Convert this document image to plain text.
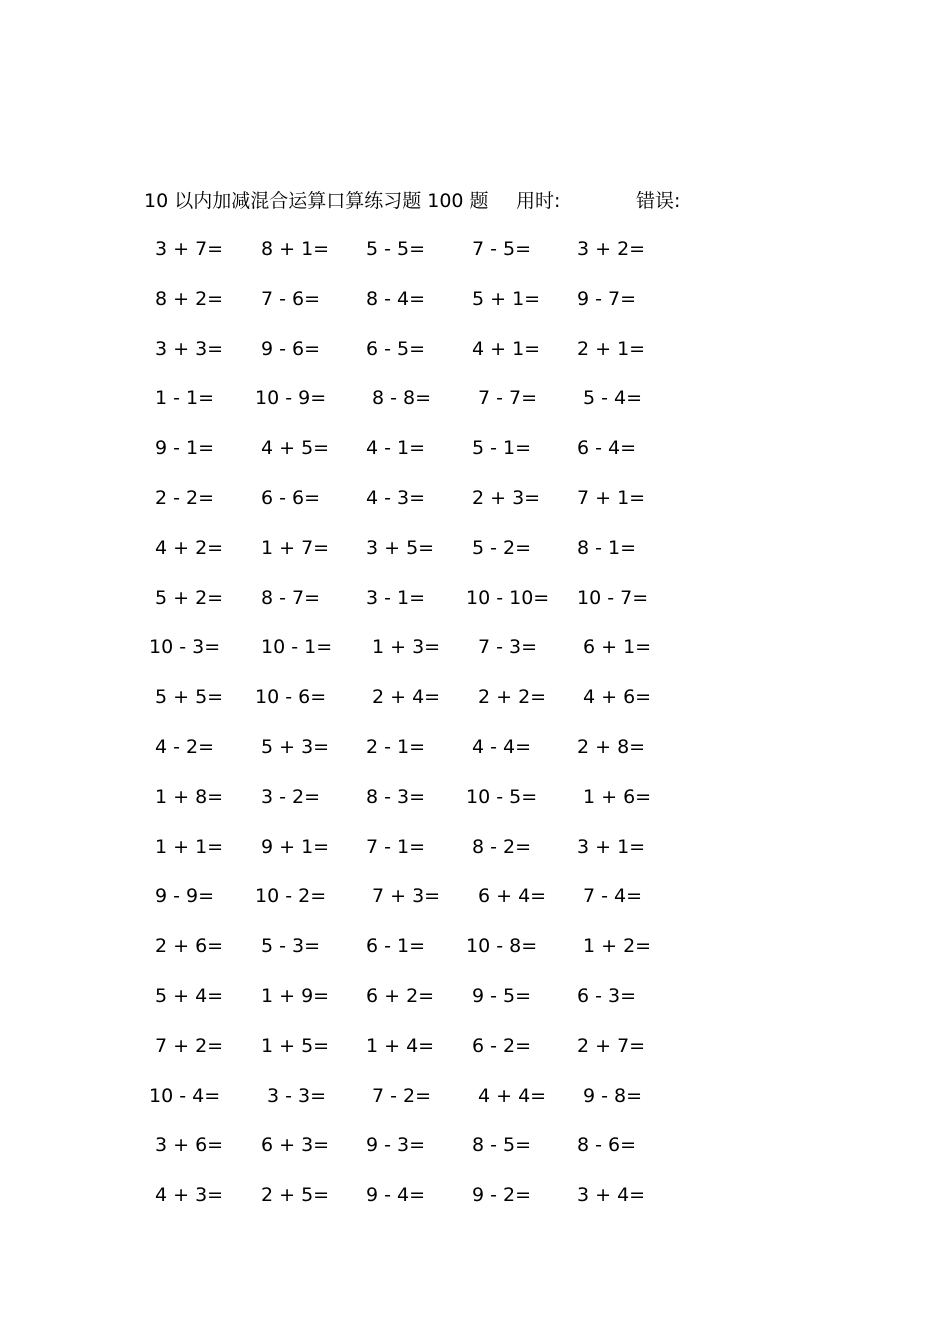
10 以内加减混合运算口算练习题 100 题 用时:	错误:
3 + 7= 8 + 1= 5 - 5= 7 - 5= 3 + 2=
8 + 2= 7 - 6= 8 - 4= 5 + 1= 9 - 7=
3 + 3= 9 - 6= 6 - 5= 4 + 1= 2 + 1=
1 - 1= 10 - 9= 8 - 8= 7 - 7= 5 - 4=
9 - 1= 4 + 5= 4 - 1= 5 - 1= 6 - 4=
2 - 2= 6 - 6= 4 - 3= 2 + 3= 7 + 1=
4 + 2= 1 + 7= 3 + 5= 5 - 2= 8 - 1=
5 + 2= 8 - 7= 3 - 1= 10 - 10= 10 - 7=
10 - 3= 10 - 1= 1 + 3= 7 - 3= 6 + 1=
5 + 5= 10 - 6= 2 + 4= 2 + 2= 4 + 6=
4 - 2= 5 + 3= 2 - 1= 4 - 4= 2 + 8=
1 + 8= 3 - 2= 8 - 3= 10 - 5= 1 + 6=
1 + 1= 9 + 1= 7 - 1= 8 - 2= 3 + 1=
9 - 9= 10 - 2= 7 + 3= 6 + 4= 7 - 4=
2 + 6= 5 - 3= 6 - 1= 10 - 8= 1 + 2=
5 + 4= 1 + 9= 6 + 2= 9 - 5= 6 - 3=
7 + 2= 1 + 5= 1 + 4= 6 - 2= 2 + 7=
10 - 4= 3 - 3= 7 - 2= 4 + 4= 9 - 8=
3 + 6= 6 + 3= 9 - 3= 8 - 5= 8 - 6=
4 + 3= 2 + 5= 9 - 4= 9 - 2= 3 + 4=
